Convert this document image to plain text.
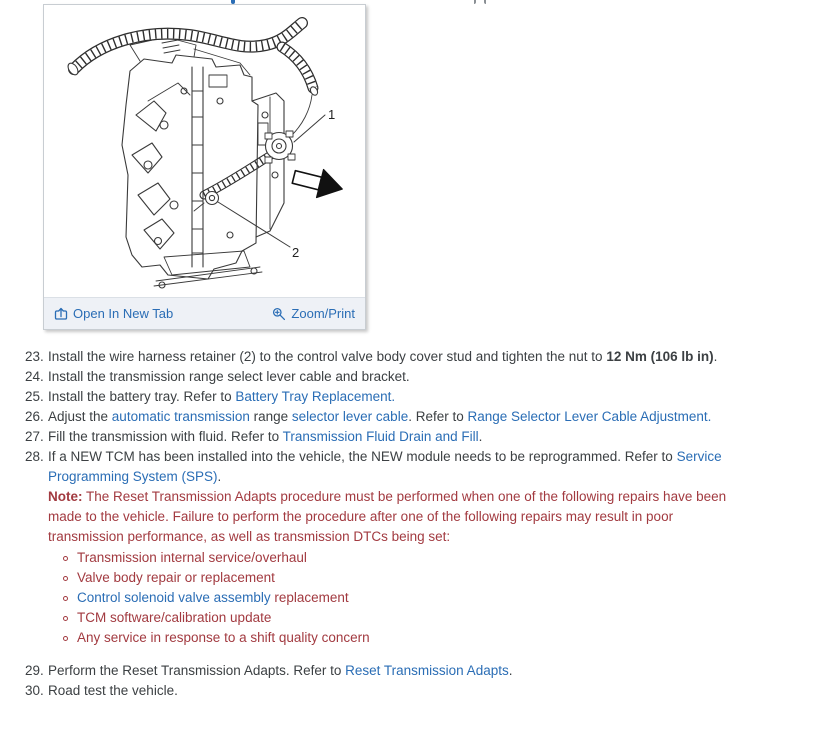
1
2
Open In New Tab	Zoom/Print
23. Install the wire harness retainer (2) to the control valve body cover stud and tighten the nut to 12 Nm (106 lb in).
24. Install the transmission range select lever cable and bracket.
25. Install the battery tray. Refer to Battery Tray Replacement.
26. Adjust the automatic transmission range selector lever cable. Refer to Range Selector Lever Cable Adjustment.
27. Fill the transmission with fluid. Refer to Transmission Fluid Drain and Fill.
28. If a NEW TCM has been installed into the vehicle, the NEW module needs to be reprogrammed. Refer to Service
Programming System (SPS).
Note: The Reset Transmission Adapts procedure must be performed when one of the following repairs have been
made to the vehicle. Failure to perform the procedure after one of the following repairs may result in poor
transmission performance, as well as transmission DTCs being set:
Transmission internal service/overhaul
Valve body repair or replacement
Control solenoid valve assembly replacement
TCM software/calibration update
Any service in response to a shift quality concern
29. Perform the Reset Transmission Adapts. Refer to Reset Transmission Adapts.
30. Road test the vehicle.
